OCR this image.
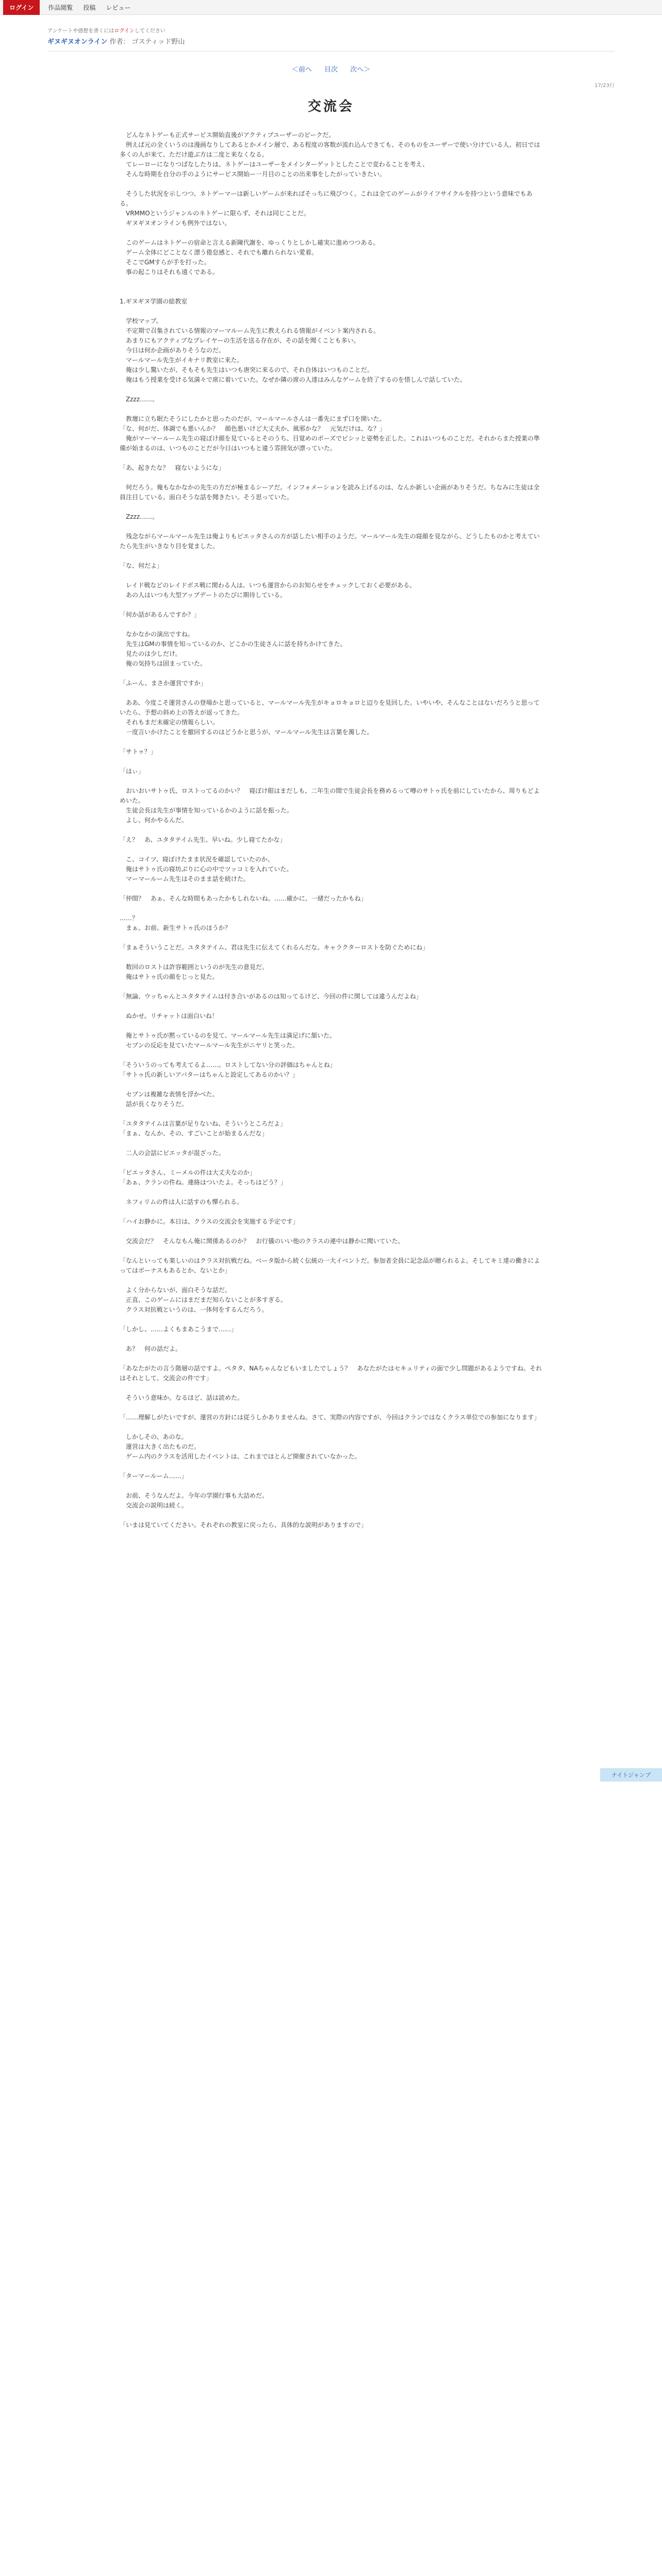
ログイン	作品閲覧	投稿	レビュー
アンケートや感想を書くにはログインしてください
ギヌギヌオンライン 作者： ゴスティッド野山
＜前へ 目次 次へ＞
17/23行
交流会

　どんなネトゲーも正式サービス開始直後がアクティブユーザーのピークだ。

　例えば元の全くいうのは漫画なりしてあるとかメイン層で、ある程度の客数が流れ込んできても、そのものをユーザーで使い分けている人、初日では多くの人が来て、ただけ遊ぶ方は二度と来なくなる。

　てレーローになりつばなしたりは、ネトゲーはユーザーをメインターゲットとしたことで変わることを考え、

　そんな時期を自分の手のようにサービス開始ー一月目のことの出来事をしたがっていきたい。

　そうした状況を示しつつ、ネトゲーマーは新しいゲームが来ればそっちに飛びつく。これは全てのゲームがライフサイクルを持つという意味でもある。

　VRMMOというジャンルのネトゲーに限らず、それは同じことだ。

　ギヌギヌオンラインも例外ではない。

　このゲームはネトゲーの宿命と言える新陳代謝を、ゆっくりとしかし確実に進めつつある。

　ゲーム全体にどことなく漂う倦怠感と、それでも離れられない愛着。

　そこでGMすらが手を打った。

　事の起こりはそれも遠くである。

1.ギヌギヌ学園の総教室

　学校マップ。

　不定期で召集されている情報のマーマルーム先生に教えられる情報がイベント案内される。

　あまりにもアクティブなプレイヤーの生活を送る存在が、その話を聞くことも多い。

　今日は何か企画がありそうなのだ。

　マールマール先生がイキナリ教室に来た。

　俺は少し驚いたが、そもそも先生はいつも唐突に来るので、それ自体はいつものことだ。

　俺はもう授業を受ける気満々で席に着いていた。なぜか隣の席の人達はみんなゲームを終了するのを惜しんで話していた。

　Zzzz……。

　教壇に立ち眠たそうにしたかと思ったのだが、マールマールさんは一番先にまず口を開いた。

「な、何がだ、体調でも悪いんか？　顔色悪いけど大丈夫か、風邪かな？　元気だけは、な？」

　俺がマーマールーム先生の寝ぼけ顔を見ているとそのうち、目覚めのポーズでピシッと姿勢を正した。これはいつものことだ。それからまた授業の準備が始まるのは、いつものことだが今日はいつもと違う雰囲気が漂っていた。

「あ、起きたな？　寝ないようにな」

　何だろう。俺もなかなかの先生の方だが極まるシーアだ。インフォメーションを読み上げるのは、なんか新しい企画がありそうだ。ちなみに生徒は全員注目している。面白そうな話を聞きたい。そう思っていた。

　Zzzz……。

　残念ながらマールマール先生は俺よりもピエッタさんの方が話したい相手のようだ。マールマール先生の寝顔を見ながら、どうしたものかと考えていたら先生がいきなり目を覚ました。

「な、何だよ」

　レイド戦などのレイドボス戦に関わる人は、いつも運営からのお知らせをチェックしておく必要がある。

　あの人はいつも大型アップデートのたびに期待している。

「何か話があるんですか？」

　なかなかの演出ですね。

　先生はGMの事情を知っているのか、どこかの生徒さんに話を持ちかけてきた。

　見たのは少しだけ。

　俺の気持ちは固まっていた。

「ふーん、まさか運営ですか」

　ああ、今度こそ運営さんの登場かと思っていると、マールマール先生がキョロキョロと辺りを見回した。いやいや、そんなことはないだろうと思っていたら、予想の斜め上の答えが返ってきた。

　それもまだ未確定の情報らしい。

　一度言いかけたことを撤回するのはどうかと思うが、マールマール先生は言葉を濁した。

「サトゥ？」

「はぃ」

　おいおいサトゥ氏、ロストってるのかい？　寝ぼけ眼はまだしも、二年生の間で生徒会長を務めるって噂のサトゥ氏を前にしていたから、周りもどよめいた。

　生徒会長は先生が事情を知っているかのように話を振った。

　よし、何かやるんだ。

「え？　あ、ユタタテイム先生、早いね。少し寝てたかな」

　こ、コイツ、寝ぼけたまま状況を確認していたのか。

　俺はサトゥ氏の寝坊ぶりに心の中でツッコミを入れていた。

　マーマールーム先生はそのまま話を続けた。

「仲間？　あぁ、そんな時間もあったかもしれないね。……確かに、一緒だったかもね」

……？

　まぁ、お前、新生サトゥ氏のほうか？

「まぁそういうことだ。ユタタテイム、君は先生に伝えてくれるんだな。キャラクターロストを防ぐためにね」

　数回のロストは許容範囲というのが先生の意見だ。

　俺はサトゥ氏の顔をじっと見た。

「無論、ウッちゃんとユタタテイムは付き合いがあるのは知ってるけど、今回の件に関しては違うんだよね」

　ぬかせ。リチャットは面白いね！

　俺とサトゥ氏が黙っているのを見て、マールマール先生は満足げに頷いた。

　セブンの反応を見ていたマールマール先生がニヤリと笑った。

「そういうのっても考えてるよ……。ロストしてない分の評価はちゃんとね」

「サトゥ氏の新しいアバターはちゃんと設定してあるのかい？」

　セブンは複雑な表情を浮かべた。

　話が長くなりそうだ。

「ユタタテイムは言葉が足りないね、そういうところだよ」

「まぁ、なんか、その、すごいことが始まるんだな」

　二人の会話にピエッタが混ざった。

「ピエッタさん、ミーメルの件は大丈夫なのか」

「あぁ、クランの件ね。連絡はついたよ。そっちはどう？」

　ネフィリムの件は人に話すのも憚られる。

「ハイお静かに。本日は、クラスの交流会を実施する予定です」

　交流会だ？　そんなもん俺に関係あるのか？　お行儀のいい他のクラスの連中は静かに聞いていた。

「なんといっても楽しいのはクラス対抗戦だね。ベータ版から続く伝統の一大イベントだ。参加者全員に記念品が贈られるよ。そしてキミ達の働きによってはボーナスもあるとか、ないとか」

　よく分からないが、面白そうな話だ。

　正直、このゲームにはまだまだ知らないことが多すぎる。

　クラス対抗戦というのは、一体何をするんだろう。

「しかし、……よくもまあこうまで……」

　あ？　何の話だよ。

「あなたがたの言う階層の話ですよ。ペタタ、NAちゃんなどもいましたでしょう？　あなたがたはセキュリティの面で少し問題があるようですね。それはそれとして、交流会の件です」

　そういう意味か。なるほど、話は読めた。

「……理解しがたいですが、運営の方針には従うしかありませんね。さて、実際の内容ですが、今回はクランではなくクラス単位での参加になります」

　しかしその、あのな。

　運営は大きく出たものだ。

　ゲーム内のクラスを活用したイベントは、これまでほとんど開催されていなかった。

「ターマールーム……」

　お前、そうなんだよ。今年の学園行事も大詰めだ。

　交流会の説明は続く。

「いまは見ていてください。それぞれの教室に戻ったら、具体的な説明がありますので」

ナイトジャンプ
